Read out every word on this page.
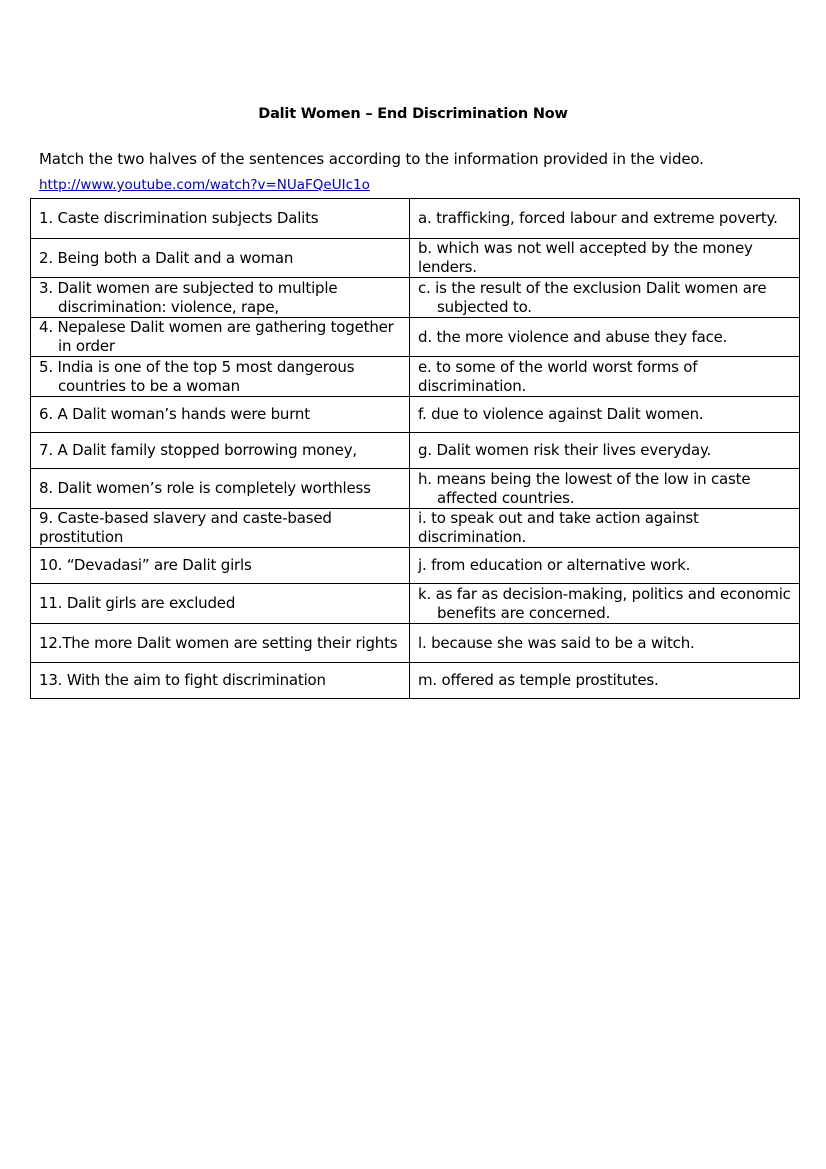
Dalit Women – End Discrimination Now
Match the two halves of the sentences according to the information provided in the video.
http://www.youtube.com/watch?v=NUaFQeUIc1o
1. Caste discrimination subjects Dalits	a. trafficking, forced labour and extreme poverty.
2. Being both a Dalit and a woman	b. which was not well accepted by the money lenders.

3. Dalit women are subjected to multiple discrimination: violence, rape,	c. is the result of the exclusion Dalit women are subjected to.

4. Nepalese Dalit women are gathering together in order	d. the more violence and abuse they face.

5. India is one of the top 5 most dangerous countries to be a woman	e. to some of the world worst forms of discrimination.
6. A Dalit woman’s hands were burnt	f. due to violence against Dalit women.
7. A Dalit family stopped borrowing money,	g. Dalit women risk their lives everyday.
8. Dalit women’s role is completely worthless	h. means being the lowest of the low in caste affected countries.

9. Caste-based slavery and caste-based prostitution	i. to speak out and take action against discrimination.
10. “Devadasi” are Dalit girls	j. from education or alternative work.
11. Dalit girls are excluded	k. as far as decision-making, politics and economic benefits are concerned.

12.The more Dalit women are setting their rights	l. because she was said to be a witch.
13. With the aim to fight discrimination	m. offered as temple prostitutes.
